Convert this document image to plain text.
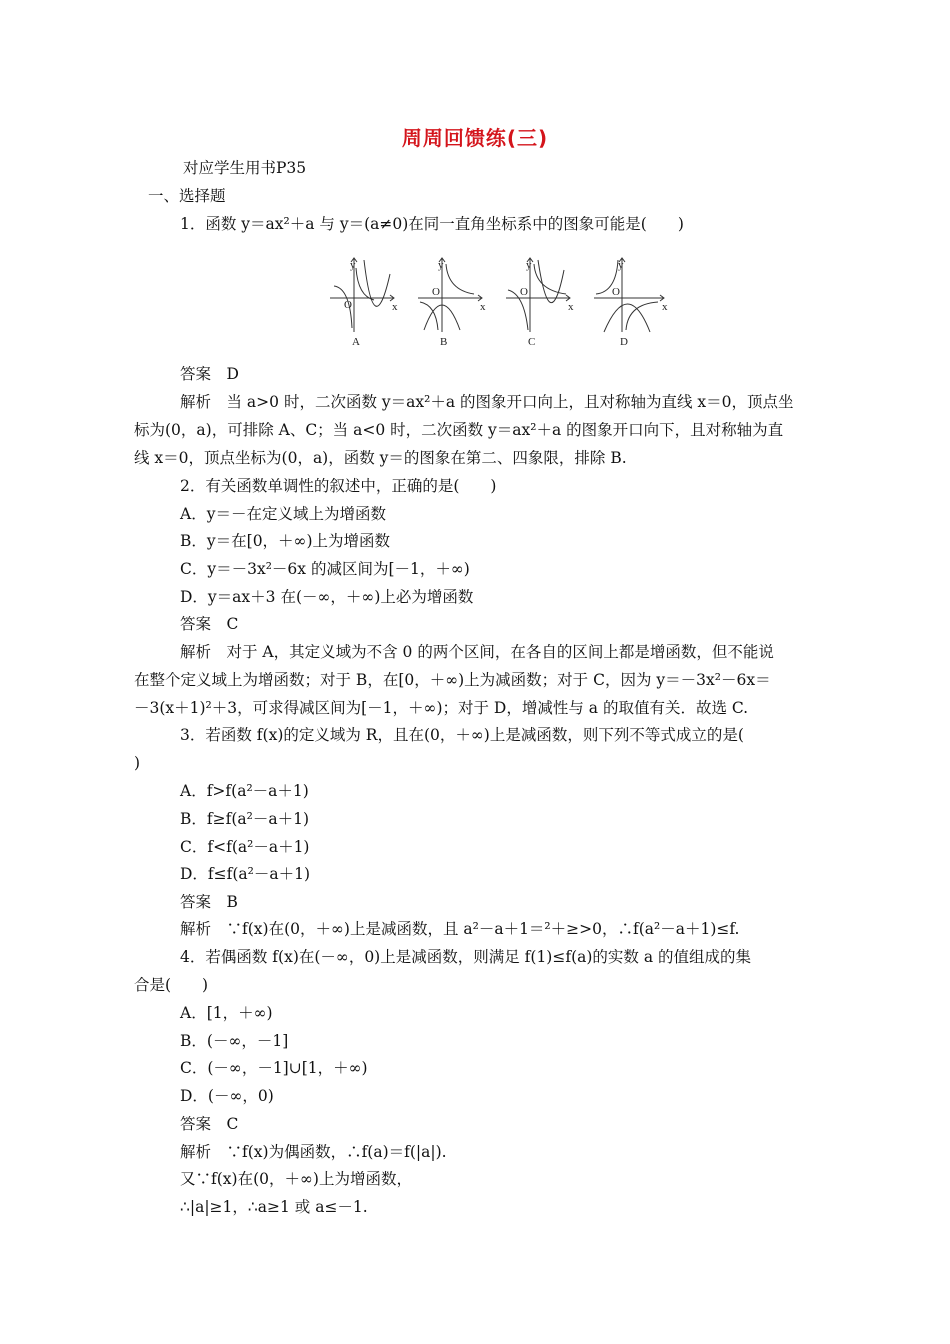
周周回馈练(三)
对应学生用书P35
一、选择题
1．函数 y＝ax²＋a 与 y＝(a≠0)在同一直角坐标系中的图象可能是(　　)
y
x
O
A
y
x
O
B
y
x
O
C
y
x
O
D
答案　D
解析　当 a>0 时，二次函数 y＝ax²＋a 的图象开口向上，且对称轴为直线 x＝0，顶点坐
标为(0，a)，可排除 A、C；当 a<0 时，二次函数 y＝ax²＋a 的图象开口向下，且对称轴为直
线 x＝0，顶点坐标为(0，a)，函数 y＝的图象在第二、四象限，排除 B.
2．有关函数单调性的叙述中，正确的是(　　)
A．y＝－在定义域上为增函数
B．y＝在[0，＋∞)上为增函数
C．y＝－3x²－6x 的减区间为[－1，＋∞)
D．y＝ax＋3 在(－∞，＋∞)上必为增函数
答案　C
解析　对于 A，其定义域为不含 0 的两个区间，在各自的区间上都是增函数，但不能说
在整个定义域上为增函数；对于 B，在[0，＋∞)上为减函数；对于 C，因为 y＝－3x²－6x＝
－3(x＋1)²＋3，可求得减区间为[－1，＋∞)；对于 D，增减性与 a 的取值有关．故选 C.
3．若函数 f(x)的定义域为 R，且在(0，＋∞)上是减函数，则下列不等式成立的是(
)
A．f>f(a²－a＋1)
B．f≥f(a²－a＋1)
C．f<f(a²－a＋1)
D．f≤f(a²－a＋1)
答案　B
解析　∵f(x)在(0，＋∞)上是减函数，且 a²－a＋1＝²＋≥>0，∴f(a²－a＋1)≤f.
4．若偶函数 f(x)在(－∞，0)上是减函数，则满足 f(1)≤f(a)的实数 a 的值组成的集
合是(　　)
A．[1，＋∞)
B．(－∞，－1]
C．(－∞，－1]∪[1，＋∞)
D．(－∞，0)
答案　C
解析　∵f(x)为偶函数，∴f(a)＝f(|a|).
又∵f(x)在(0，＋∞)上为增函数，
∴|a|≥1，∴a≥1 或 a≤－1.
